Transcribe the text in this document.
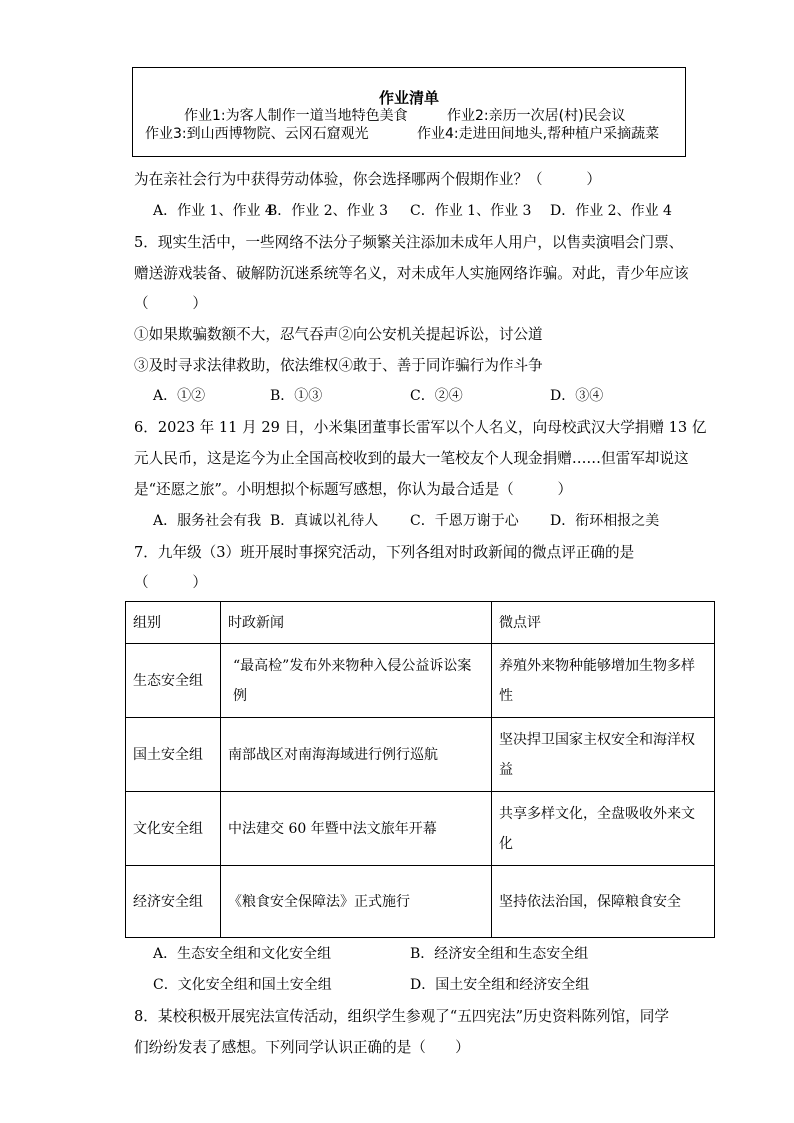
作业清单
作业1:为客人制作一道当地特色美食	作业2:亲历一次居(村)民会议
作业3:到山西博物院、云冈石窟观光	作业4:走进田间地头,帮种植户采摘蔬菜
为在亲社会行为中获得劳动体验，你会选择哪两个假期作业？（　　　）
A．作业 1、作业 4
B．作业 2、作业 3 C．作业 1、作业 3 D．作业 2、作业 4
5．现实生活中，一些网络不法分子频繁关注添加未成年人用户，以售卖演唱会门票、
赠送游戏装备、破解防沉迷系统等名义，对未成年人实施网络诈骗。对此，青少年应该
（　　　）
①如果欺骗数额不大，忍气吞声②向公安机关提起诉讼，讨公道
③及时寻求法律救助，依法维权④敢于、善于同诈骗行为作斗争
A．①②	B．①③	C．②④	D．③④
6．2023 年 11 月 29 日，小米集团董事长雷军以个人名义，向母校武汉大学捐赠 13 亿
元人民币，这是迄今为止全国高校收到的最大一笔校友个人现金捐赠……但雷军却说这
是“还愿之旅”。小明想拟个标题写感想，你认为最合适是（　　　）
A．服务社会有我 B．真诚以礼待人 C．千恩万谢于心 D．衔环相报之美
7．九年级（3）班开展时事探究活动，下列各组对时政新闻的微点评正确的是
（　　　）
组别	时政新闻	微点评
生态安全组	“最高检”发布外来物种入侵公益诉讼案例	养殖外来物种能够增加生物多样性
国土安全组	南部战区对南海海域进行例行巡航	坚决捍卫国家主权安全和海洋权益
文化安全组	中法建交 60 年暨中法文旅年开幕	共享多样文化，全盘吸收外来文化
经济安全组	《粮食安全保障法》正式施行	坚持依法治国，保障粮食安全
A．生态安全组和文化安全组	B．经济安全组和生态安全组
C．文化安全组和国土安全组	D．国土安全组和经济安全组
8．某校积极开展宪法宣传活动，组织学生参观了“五四宪法”历史资料陈列馆，同学
们纷纷发表了感想。下列同学认识正确的是（　　）
